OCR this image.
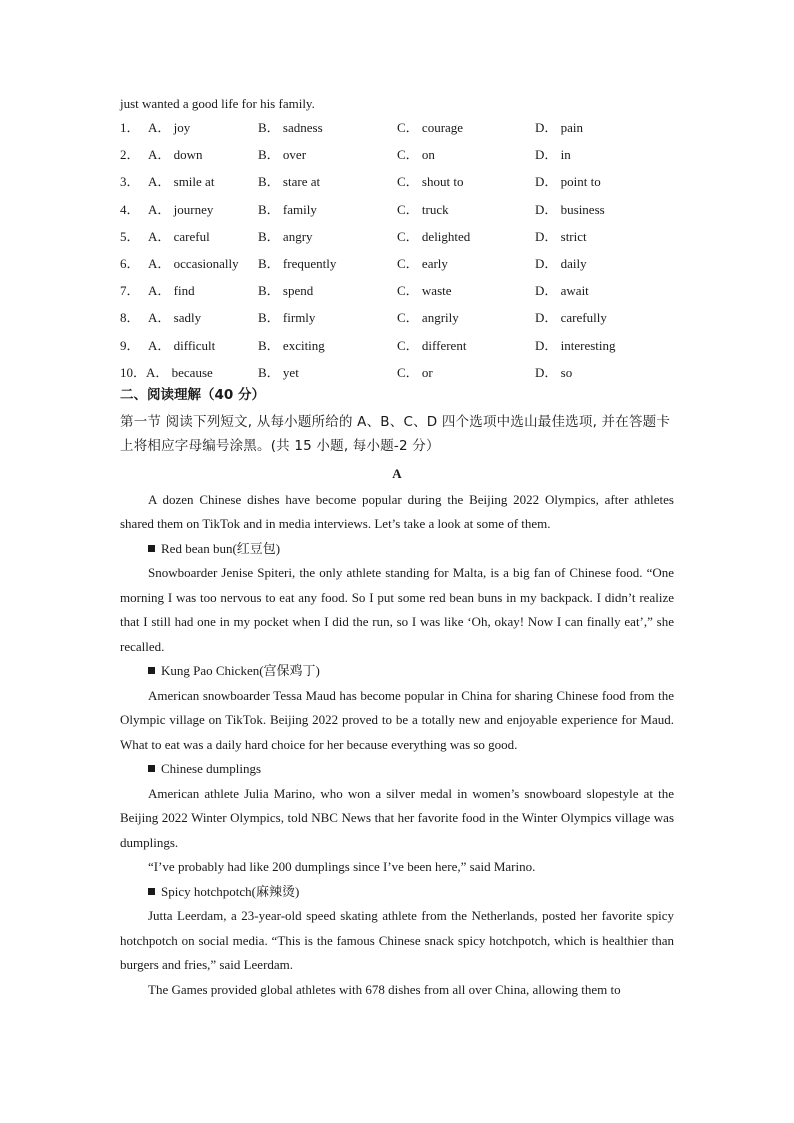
just wanted a good life for his family.
1． A． joy	B． sadness	C． courage	D． pain
2． A． down	B． over	C． on	D． in
3． A． smile at	B． stare at	C． shout to	D． point to
4． A． journey	B． family	C． truck	D． business
5． A． careful	B． angry	C． delighted	D． strict
6． A． occasionally B． frequently	C． early	D． daily
7． A． find	B． spend	C． waste	D． await
8． A． sadly	B． firmly	C． angrily	D． carefully
9． A． difficult	B． exciting	C． different	D． interesting
10． A． because	B． yet	C． or	D． so
二、阅读理解（40 分）
第一节 阅读下列短文, 从每小题所给的 A、B、C、D 四个选项中选山最佳选项, 并在答题卡上将相应字母编号涂黑。(共 15 小题, 每小题-2 分）
A

A dozen Chinese dishes have become popular during the Beijing 2022 Olympics, after athletes shared them on TikTok and in media interviews. Let’s take a look at some of them.

Red bean bun(红豆包)

Snowboarder Jenise Spiteri, the only athlete standing for Malta, is a big fan of Chinese food. “One morning I was too nervous to eat any food. So I put some red bean buns in my backpack. I didn’t realize that I still had one in my pocket when I did the run, so I was like ‘Oh, okay! Now I can finally eat’,” she recalled.

Kung Pao Chicken(宫保鸡丁)

American snowboarder Tessa Maud has become popular in China for sharing Chinese food from the Olympic village on TikTok. Beijing 2022 proved to be a totally new and enjoyable experience for Maud. What to eat was a daily hard choice for her because everything was so good.

Chinese dumplings

American athlete Julia Marino, who won a silver medal in women’s snowboard slopestyle at the Beijing 2022 Winter Olympics, told NBC News that her favorite food in the Winter Olympics village was dumplings.

“I’ve probably had like 200 dumplings since I’ve been here,” said Marino.

Spicy hotchpotch(麻辣烫)

Jutta Leerdam, a 23-year-old speed skating athlete from the Netherlands, posted her favorite spicy hotchpotch on social media. “This is the famous Chinese snack spicy hotchpotch, which is healthier than burgers and fries,” said Leerdam.

The Games provided global athletes with 678 dishes from all over China, allowing them to
